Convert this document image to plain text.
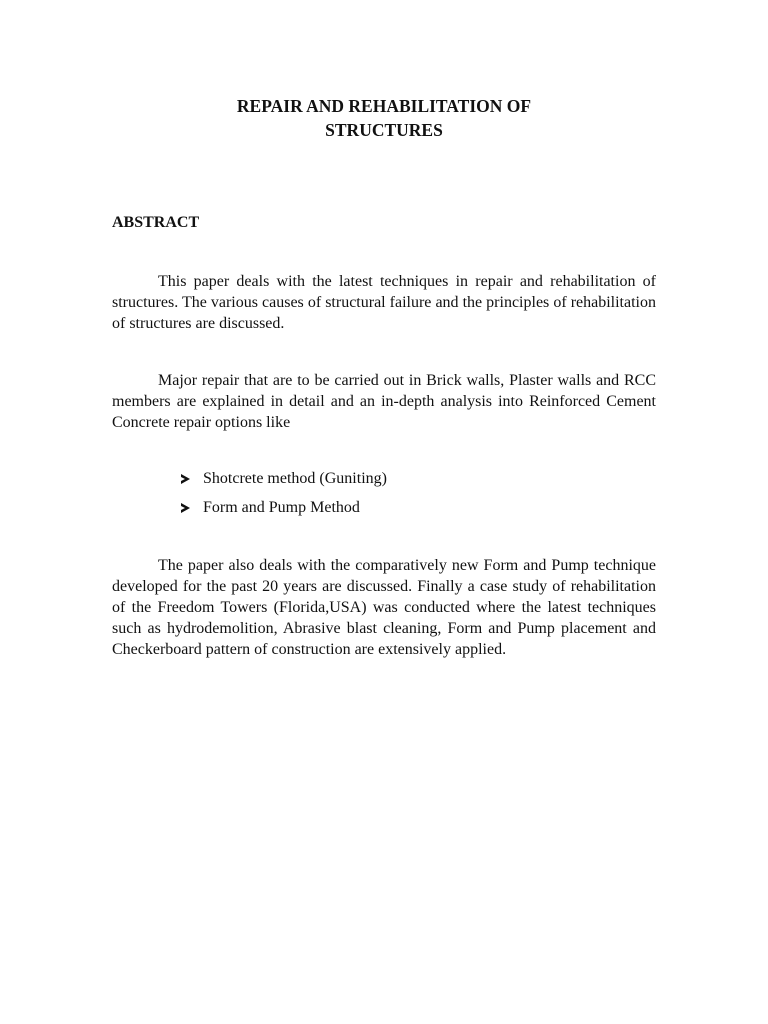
REPAIR AND REHABILITATION OF
STRUCTURES
ABSTRACT

This paper deals with the latest techniques in repair and rehabilitation of structures. The various causes of structural failure and the principles of rehabilitation of structures are discussed.

Major repair that are to be carried out in Brick walls, Plaster walls and RCC members are explained in detail and an in-depth analysis into Reinforced Cement Concrete repair options like

Shotcrete method (Guniting)
Form and Pump Method

The paper also deals with the comparatively new Form and Pump technique developed for the past 20 years are discussed. Finally a case study of rehabilitation of the Freedom Towers (Florida,USA) was conducted where the latest techniques such as hydrodemolition, Abrasive blast cleaning, Form and Pump placement and Checkerboard pattern of construction are extensively applied.
